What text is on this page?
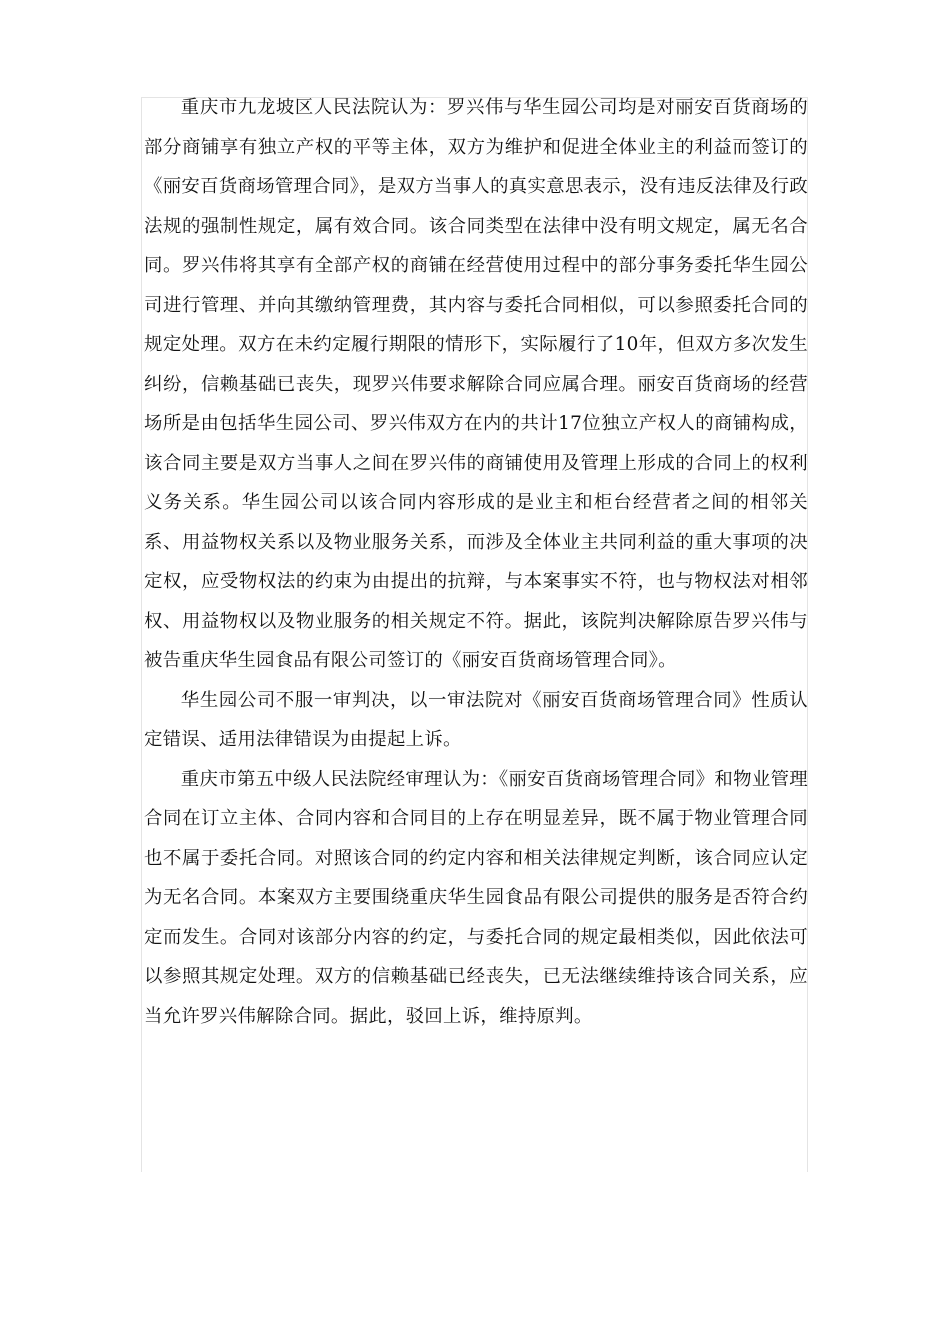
重庆市九龙坡区人民法院认为：罗兴伟与华生园公司均是对丽安百货商场的部分商铺享有独立产权的平等主体，双方为维护和促进全体业主的利益而签订的《丽安百货商场管理合同》，是双方当事人的真实意思表示，没有违反法律及行政法规的强制性规定，属有效合同。该合同类型在法律中没有明文规定，属无名合同。罗兴伟将其享有全部产权的商铺在经营使用过程中的部分事务委托华生园公司进行管理、并向其缴纳管理费，其内容与委托合同相似，可以参照委托合同的规定处理。双方在未约定履行期限的情形下，实际履行了10年，但双方多次发生纠纷，信赖基础已丧失，现罗兴伟要求解除合同应属合理。丽安百货商场的经营场所是由包括华生园公司、罗兴伟双方在内的共计17位独立产权人的商铺构成，该合同主要是双方当事人之间在罗兴伟的商铺使用及管理上形成的合同上的权利义务关系。华生园公司以该合同内容形成的是业主和柜台经营者之间的相邻关系、用益物权关系以及物业服务关系，而涉及全体业主共同利益的重大事项的决定权，应受物权法的约束为由提出的抗辩，与本案事实不符，也与物权法对相邻权、用益物权以及物业服务的相关规定不符。据此，该院判决解除原告罗兴伟与被告重庆华生园食品有限公司签订的《丽安百货商场管理合同》。

华生园公司不服一审判决，以一审法院对《丽安百货商场管理合同》性质认定错误、适用法律错误为由提起上诉。

重庆市第五中级人民法院经审理认为：《丽安百货商场管理合同》和物业管理合同在订立主体、合同内容和合同目的上存在明显差异，既不属于物业管理合同也不属于委托合同。对照该合同的约定内容和相关法律规定判断，该合同应认定为无名合同。本案双方主要围绕重庆华生园食品有限公司提供的服务是否符合约定而发生。合同对该部分内容的约定，与委托合同的规定最相类似，因此依法可以参照其规定处理。双方的信赖基础已经丧失，已无法继续维持该合同关系，应当允许罗兴伟解除合同。据此，驳回上诉，维持原判。
